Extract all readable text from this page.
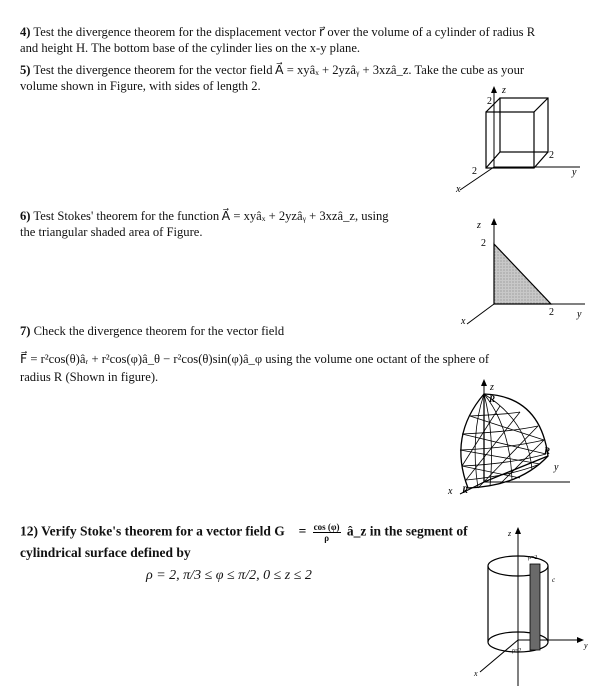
4) Test the divergence theorem for the displacement vector r⃗ over the volume of a cylinder of radius R
and height H. The bottom base of the cylinder lies on the x-y plane.
5) Test the divergence theorem for the vector field A⃗ = xyâₓ + 2yzâᵧ + 3xzâ_z. Take the cube as your
volume shown in Figure, with sides of length 2.	z
2
2
2	y
x
6) Test Stokes' theorem for the function A⃗ = xyâₓ + 2yzâᵧ + 3xzâ_z, using
the triangular shaded area of Figure.	z
2
2 y
x
7) Check the divergence theorem for the vector field
F⃗ = r²cos(θ)âᵣ + r²cos(φ)â_θ − r²cos(θ)sin(φ)â_φ using the volume one octant of the sphere of
radius R (Shown in figure).
z
R
R
R
y
x
12) Verify Stoke's theorem for a vector field G⃗ = $\frac{\cos (\varphi)}{\rho}$ â_z in the segment of
cylindrical surface defined by
ρ = 2, π/3 ≤ φ ≤ π/2, 0 ≤ z ≤ 2
z
ρ=2
ρ=2
c
y
x
